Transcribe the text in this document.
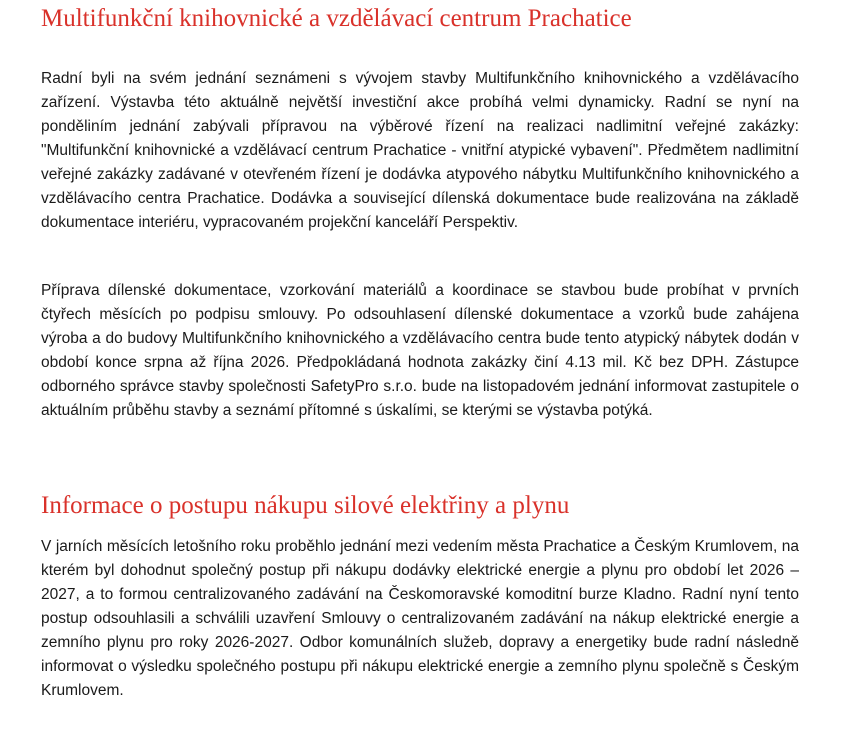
Multifunkční knihovnické a vzdělávací centrum Prachatice

Radní byli na svém jednání seznámeni s vývojem stavby Multifunkčního knihovnického a vzdělávacího zařízení. Výstavba této aktuálně největší investiční akce probíhá velmi dynamicky. Radní se nyní na ponděliním jednání zabývali přípravou na výběrové řízení na realizaci nadlimitní veřejné zakázky: "Multifunkční knihovnické a vzdělávací centrum Prachatice - vnitřní atypické vybavení". Předmětem nadlimitní veřejné zakázky zadávané v otevřeném řízení je dodávka atypového nábytku Multifunkčního knihovnického a vzdělávacího centra Prachatice. Dodávka a související dílenská dokumentace bude realizována na základě dokumentace interiéru, vypracovaném projekční kanceláří Perspektiv.

Příprava dílenské dokumentace, vzorkování materiálů a koordinace se stavbou bude probíhat v prvních čtyřech měsících po podpisu smlouvy. Po odsouhlasení dílenské dokumentace a vzorků bude zahájena výroba a do budovy Multifunkčního knihovnického a vzdělávacího centra bude tento atypický nábytek dodán v období konce srpna až října 2026. Předpokládaná hodnota zakázky činí 4.13 mil. Kč bez DPH. Zástupce odborného správce stavby společnosti SafetyPro s.r.o. bude na listopadovém jednání informovat zastupitele o aktuálním průběhu stavby a seznámí přítomné s úskalími, se kterými se výstavba potýká.

Informace o postupu nákupu silové elektřiny a plynu

V jarních měsících letošního roku proběhlo jednání mezi vedením města Prachatice a Českým Krumlovem, na kterém byl dohodnut společný postup při nákupu dodávky elektrické energie a plynu pro období let 2026 – 2027, a to formou centralizovaného zadávání na Českomoravské komoditní burze Kladno. Radní nyní tento postup odsouhlasili a schválili uzavření Smlouvy o centralizovaném zadávání na nákup elektrické energie a zemního plynu pro roky 2026-2027. Odbor komunálních služeb, dopravy a energetiky bude radní následně informovat o výsledku společného postupu při nákupu elektrické energie a zemního plynu společně s Českým Krumlovem.
